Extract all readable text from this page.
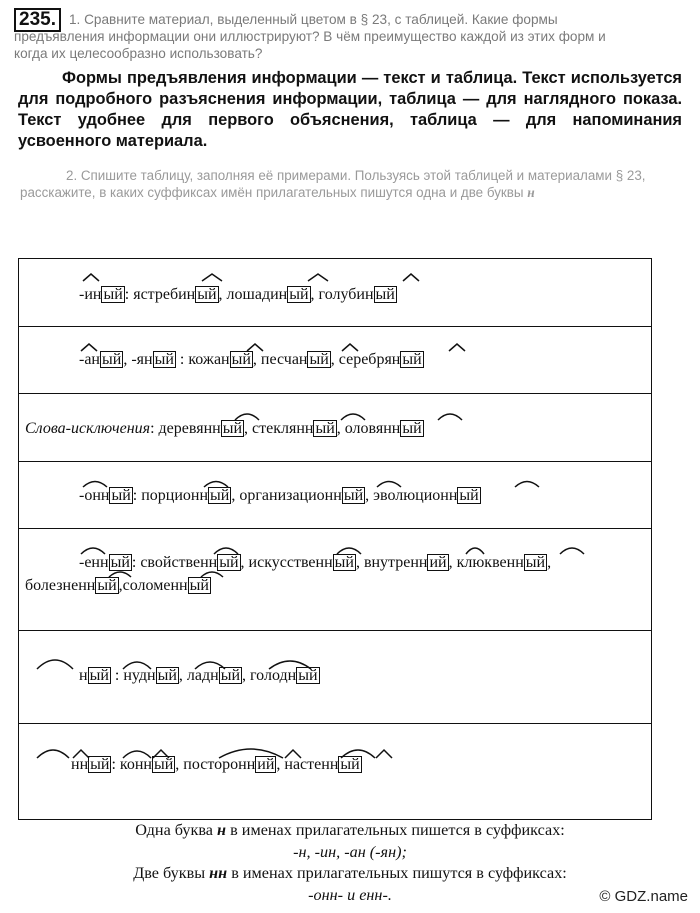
235. 1. Сравните материал, выделенный цветом в § 23, с таблицей. Какие формы
предъявления информации они иллюстрируют? В чём преимущество каждой из этих форм и
когда их целесообразно использовать?
Формы предъявления информации — текст и таблица. Текст используется для подробного разъяснения информации, таблица — для наглядного показа. Текст удобнее для первого объяснения, таблица — для напоминания усвоенного материала.
2. Спишите таблицу, заполняя её примерами. Пользуясь этой таблицей и материалами § 23, расскажите, в каких суффиксах имён прилагательных пишутся одна и две буквы н
-ин ый : ястребин ый , лошадин ый , голубин ый
-ан ый , -ян ый : кожан ый , песчан ый , серебрян ый
Слова-исключения: деревянн ый , стеклянн ый , оловянн ый
-онн ый : порционн ый , организационн ый , эволюционн ый
-енн ый : свойственн ый , искусственн ый , внутренн ий , клюквенн ый ,
болезненн ый ,соломенн ый
н ый : нудн ый , ладн ый , голодн ый
нн ый : конн ый , посторонн ий , настенн ый
Одна буква н в именах прилагательных пишется в суффиксах:
-н, -ин, -ан (-ян);
Две буквы нн в именах прилагательных пишутся в суффиксах:
-онн- и енн-.	© GDZ.name
